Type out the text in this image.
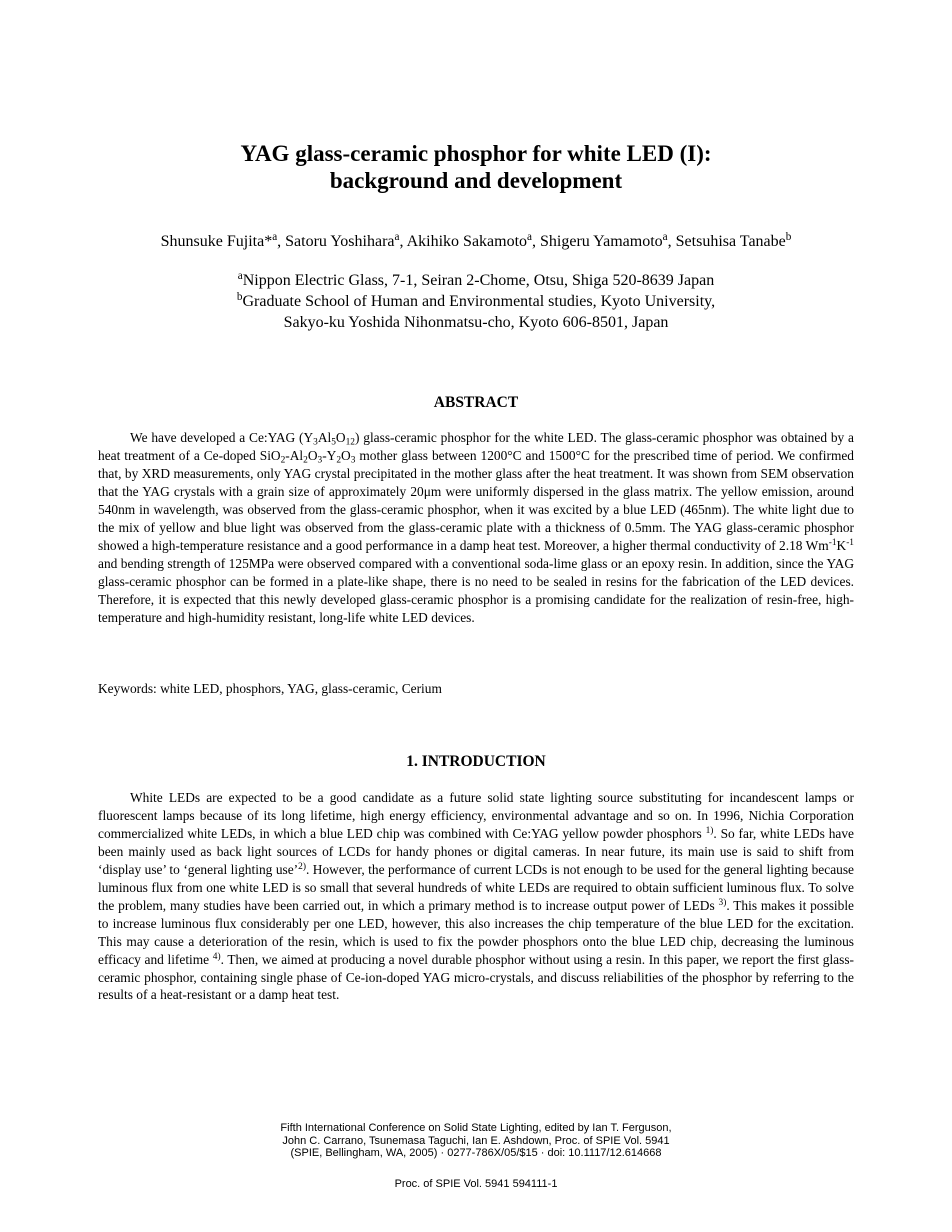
YAG glass-ceramic phosphor for white LED (I):
background and development
Shunsuke Fujita*$^a$, Satoru Yoshihara$^a$, Akihiko Sakamoto$^a$, Shigeru Yamamoto$^a$, Setsuhisa Tanabe$^b$
$^a$Nippon Electric Glass, 7-1, Seiran 2-Chome, Otsu, Shiga 520-8639 Japan
$^b$Graduate School of Human and Environmental studies, Kyoto University,
Sakyo-ku Yoshida Nihonmatsu-cho, Kyoto 606-8501, Japan
ABSTRACT
We have developed a Ce:YAG $(Y_3Al_5O_{12})$ glass-ceramic phosphor for the white LED. The glass-ceramic phosphor was obtained by a heat treatment of a Ce-doped $SiO_2-Al_2O_3-Y_2O_3$ mother glass between 1200°C and 1500°C for the prescribed time of period. We confirmed that, by XRD measurements, only YAG crystal precipitated in the mother glass after the heat treatment. It was shown from SEM observation that the YAG crystals with a grain size of approximately 20μm were uniformly dispersed in the glass matrix. The yellow emission, around 540nm in wavelength, was observed from the glass-ceramic phosphor, when it was excited by a blue LED (465nm). The white light due to the mix of yellow and blue light was observed from the glass-ceramic plate with a thickness of 0.5mm. The YAG glass-ceramic phosphor showed a high-temperature resistance and a good performance in a damp heat test. Moreover, a higher thermal conductivity of 2.18 $Wm^{-1}K^{-1}$ and bending strength of 125MPa were observed compared with a conventional soda-lime glass or an epoxy resin. In addition, since the YAG glass-ceramic phosphor can be formed in a plate-like shape, there is no need to be sealed in resins for the fabrication of the LED devices. Therefore, it is expected that this newly developed glass-ceramic phosphor is a promising candidate for the realization of resin-free, high-temperature and high-humidity resistant, long-life white LED devices.
Keywords: white LED, phosphors, YAG, glass-ceramic, Cerium
1. INTRODUCTION
White LEDs are expected to be a good candidate as a future solid state lighting source substituting for incandescent lamps or fluorescent lamps because of its long lifetime, high energy efficiency, environmental advantage and so on. In 1996, Nichia Corporation commercialized white LEDs, in which a blue LED chip was combined with Ce:YAG yellow powder phosphors $^{1)}$. So far, white LEDs have been mainly used as back light sources of LCDs for handy phones or digital cameras. In near future, its main use is said to shift from ‘display use’ to ‘general lighting use’$^{2)}$. However, the performance of current LCDs is not enough to be used for the general lighting because luminous flux from one white LED is so small that several hundreds of white LEDs are required to obtain sufficient luminous flux. To solve the problem, many studies have been carried out, in which a primary method is to increase output power of LEDs $^{3)}$. This makes it possible to increase luminous flux considerably per one LED, however, this also increases the chip temperature of the blue LED for the excitation. This may cause a deterioration of the resin, which is used to fix the powder phosphors onto the blue LED chip, decreasing the luminous efficacy and lifetime $^{4)}$. Then, we aimed at producing a novel durable phosphor without using a resin. In this paper, we report the first glass-ceramic phosphor, containing single phase of Ce-ion-doped YAG micro-crystals, and discuss reliabilities of the phosphor by referring to the results of a heat-resistant or a damp heat test.
Fifth International Conference on Solid State Lighting, edited by Ian T. Ferguson,
John C. Carrano, Tsunemasa Taguchi, Ian E. Ashdown, Proc. of SPIE Vol. 5941
(SPIE, Bellingham, WA, 2005) · 0277-786X/05/$15 · doi: 10.1117/12.614668
Proc. of SPIE Vol. 5941 594111-1
